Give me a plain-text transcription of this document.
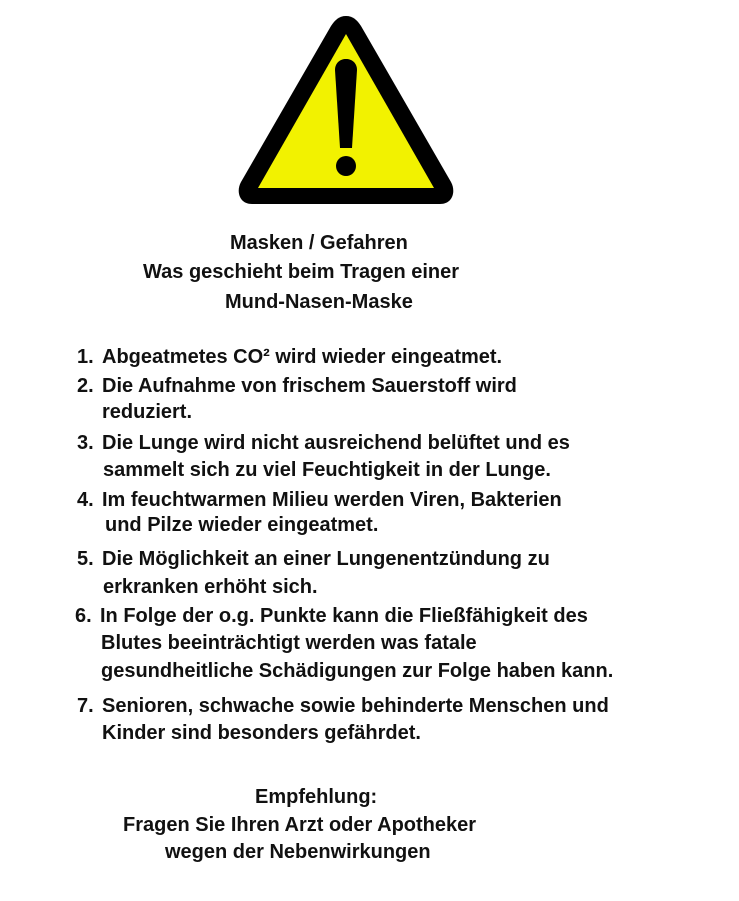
Masken / Gefahren
Was geschieht beim Tragen einer
Mund-Nasen-Maske
1. Abgeatmetes CO² wird wieder eingeatmet.
2. Die Aufnahme von frischem Sauerstoff wird
reduziert.
3. Die Lunge wird nicht ausreichend belüftet und es
sammelt sich zu viel Feuchtigkeit in der Lunge.
4. Im feuchtwarmen Milieu werden Viren, Bakterien
und Pilze wieder eingeatmet.
5. Die Möglichkeit an einer Lungenentzündung zu
erkranken erhöht sich.
6. In Folge der o.g. Punkte kann die Fließfähigkeit des
Blutes beeinträchtigt werden was fatale
gesundheitliche Schädigungen zur Folge haben kann.
7. Senioren, schwache sowie behinderte Menschen und
Kinder sind besonders gefährdet.
Empfehlung:
Fragen Sie Ihren Arzt oder Apotheker
wegen der Nebenwirkungen
